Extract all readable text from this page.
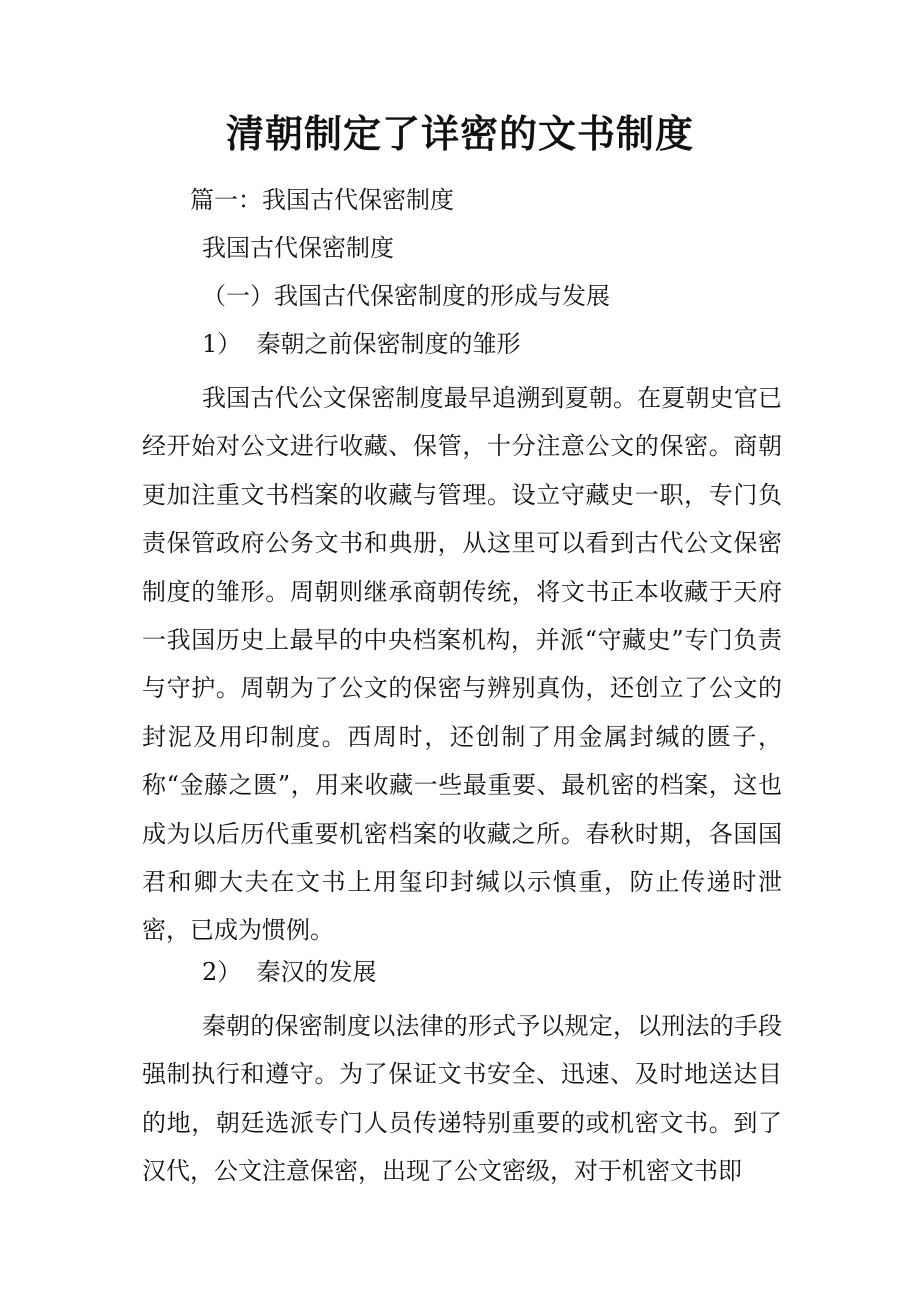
清朝制定了详密的文书制度
篇一：我国古代保密制度
我国古代保密制度
（一）我国古代保密制度的形成与发展
1）  秦朝之前保密制度的雏形
我国古代公文保密制度最早追溯到夏朝。在夏朝史官已经开始对公文进行收藏、保管，十分注意公文的保密。商朝更加注重文书档案的收藏与管理。设立守藏史一职，专门负责保管政府公务文书和典册，从这里可以看到古代公文保密制度的雏形。周朝则继承商朝传统，将文书正本收藏于天府一我国历史上最早的中央档案机构，并派“守藏史”专门负责与守护。周朝为了公文的保密与辨别真伪，还创立了公文的封泥及用印制度。西周时，还创制了用金属封缄的匮子，称“金藤之匮”，用来收藏一些最重要、最机密的档案，这也成为以后历代重要机密档案的收藏之所。春秋时期，各国国君和卿大夫在文书上用玺印封缄以示慎重，防止传递时泄密，已成为惯例。
2）  秦汉的发展
秦朝的保密制度以法律的形式予以规定，以刑法的手段强制执行和遵守。为了保证文书安全、迅速、及时地送达目的地，朝廷选派专门人员传递特别重要的或机密文书。到了汉代，公文注意保密，出现了公文密级，对于机密文书即
